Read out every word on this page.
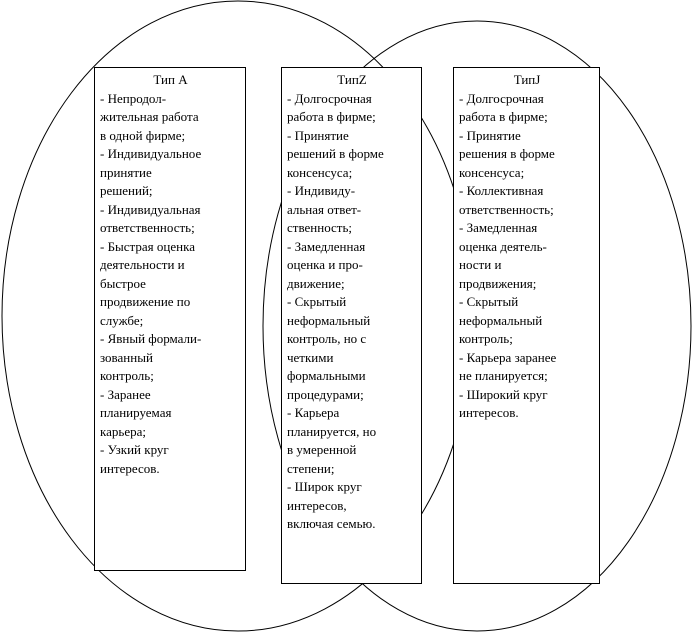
Тип А
- Непродол-
жительная работа
в одной фирме;
- Индивидуальное
принятие
решений;
- Индивидуальная
ответственность;
- Быстрая оценка
деятельности и
быстрое
продвижение по
службе;
- Явный формали-
зованный
контроль;
- Заранее
планируемая
карьера;
- Узкий круг
интересов.
ТипZ
- Долгосрочная
работа в фирме;
- Принятие
решений в форме
консенсуса;
- Индивиду-
альная ответ-
ственность;
- Замедленная
оценка и про-
движение;
- Скрытый
неформальный
контроль, но с
четкими
формальными
процедурами;
- Карьера
планируется, но
в умеренной
степени;
- Широк круг
интересов,
включая семью.
ТипJ
- Долгосрочная
работа в фирме;
- Принятие
решения в форме
консенсуса;
- Коллективная
ответственность;
- Замедленная
оценка деятель-
ности и
продвижения;
- Скрытый
неформальный
контроль;
- Карьера заранее
не планируется;
- Широкий круг
интересов.
